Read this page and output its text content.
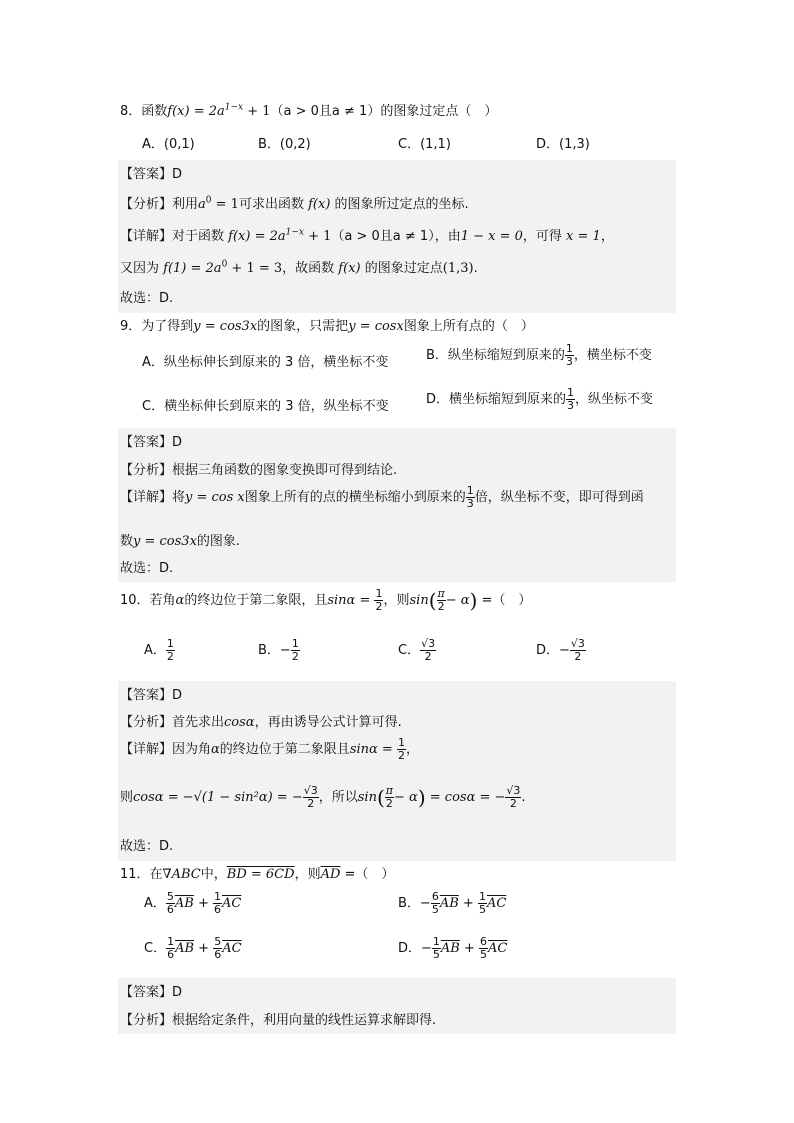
8．函数$f(x) = 2a^{1-x} + 1(a > 0$且a ≠ 1）的图象过定点（　）
A．(0,1)	B．(0,2)	C．(1,1)	D．(1,3)
【答案】D
【分析】利用$a^0 = 1$可求出函数 f(x) 的图象所过定点的坐标.
【详解】对于函数 $f(x) = 2a^{1-x} + 1(a > 0$且a ≠ 1），由1 − x = 0，可得 x = 1，
又因为 $f(1) = 2a^0 + 1 = 3$，故函数 f(x) 的图象过定点(1,3).
故选：D.
9．为了得到y = cos3x的图象，只需把y = cosx图象上所有点的（　）
A．纵坐标伸长到原来的 3 倍，横坐标不变	B．纵坐标缩短到原来的 $\frac{1}{3}$ ，横坐标不变
C．横坐标伸长到原来的 3 倍，纵坐标不变	D．横坐标缩短到原来的 $\frac{1}{3}$ ，纵坐标不变
【答案】D
【分析】根据三角函数的图象变换即可得到结论.
【详解】将y = cos x图象上所有的点的横坐标缩小到原来的 $\frac{1}{3}$ 倍，纵坐标不变，即可得到函
数y = cos3x的图象.
故选：D.
10．若角α的终边位于第二象限，且$\sin\alpha = \frac{1}{2}$ ，则$\sin( \frac{\pi}{2} - \alpha)$ =（　）
A． $\frac{1}{2}$	B．− $\frac{1}{2}$	C． $\frac{√3}{2}$	D．− $\frac{√3}{2}$
【答案】D
【分析】首先求出cosα，再由诱导公式计算可得.
【详解】因为角α的终边位于第二象限且$\sin\alpha = \frac{1}{2}$ ，
则cosα = −√(1 − sin²α) = − $\frac{√3}{2}$ ，所以$\sin( \frac{\pi}{2} - \alpha) = \cos\alpha$ = − $\frac{√3}{2}$ .
故选：D.
11．在∇ABC中，BD = 6CD，则$\overline{AD}$ =（　）
A． $\frac{5}{6} \overline{AB} + \frac{1}{6} \overline{AC}$	B．− $\frac{6}{5} \overline{AB} + \frac{1}{5} \overline{AC}$
C． $\frac{1}{6} \overline{AB} + \frac{5}{6} \overline{AC}$	D．− $\frac{1}{5} \overline{AB} + \frac{6}{5} \overline{AC}$
【答案】D
【分析】根据给定条件，利用向量的线性运算求解即得.
